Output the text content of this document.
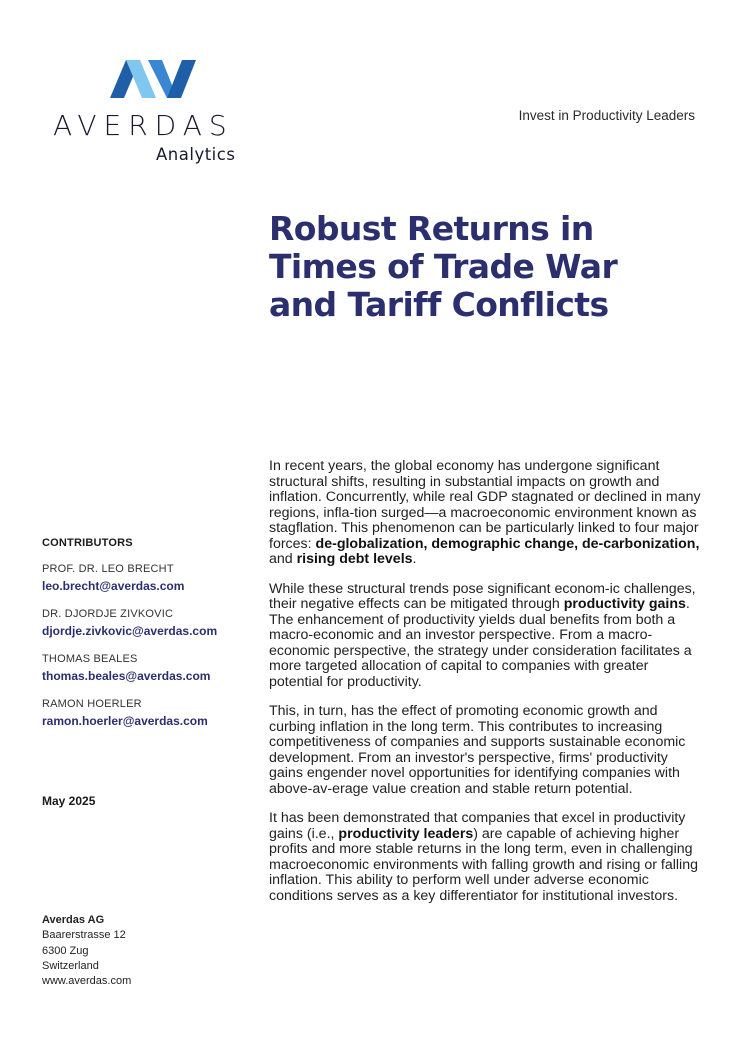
AVERDAS
Analytics
Invest in Productivity Leaders
Robust Returns in
Times of Trade War
and Tariff Conflicts
CONTRIBUTORS
PROF. DR. LEO BRECHT
leo.brecht@averdas.com
DR. DJORDJE ZIVKOVIC
djordje.zivkovic@averdas.com
THOMAS BEALES
thomas.beales@averdas.com
RAMON HOERLER
ramon.hoerler@averdas.com
May 2025
Averdas AG
Baarerstrasse 12
6300 Zug
Switzerland
www.averdas.com

In recent years, the global economy has undergone significant structural shifts, resulting in substantial impacts on growth and inflation. Concurrently, while real GDP stagnated or declined in many regions, infla-tion surged—a macroeconomic environment known as stagflation. This phenomenon can be particularly linked to four major forces: de-globalization, demographic change, de-carbonization, and rising debt levels.

While these structural trends pose significant econom-ic challenges, their negative effects can be mitigated through productivity gains. The enhancement of productivity yields dual benefits from both a macro-economic and an investor perspective. From a macro-economic perspective, the strategy under consideration facilitates a more targeted allocation of capital to companies with greater potential for productivity.

This, in turn, has the effect of promoting economic growth and curbing inflation in the long term. This contributes to increasing competitiveness of companies and supports sustainable economic development. From an investor's perspective, firms' productivity gains engender novel opportunities for identifying companies with above-av-erage value creation and stable return potential.

It has been demonstrated that companies that excel in productivity gains (i.e., productivity leaders) are capable of achieving higher profits and more stable returns in the long term, even in challenging macroeconomic environments with falling growth and rising or falling inflation. This ability to perform well under adverse economic conditions serves as a key differentiator for institutional investors.
